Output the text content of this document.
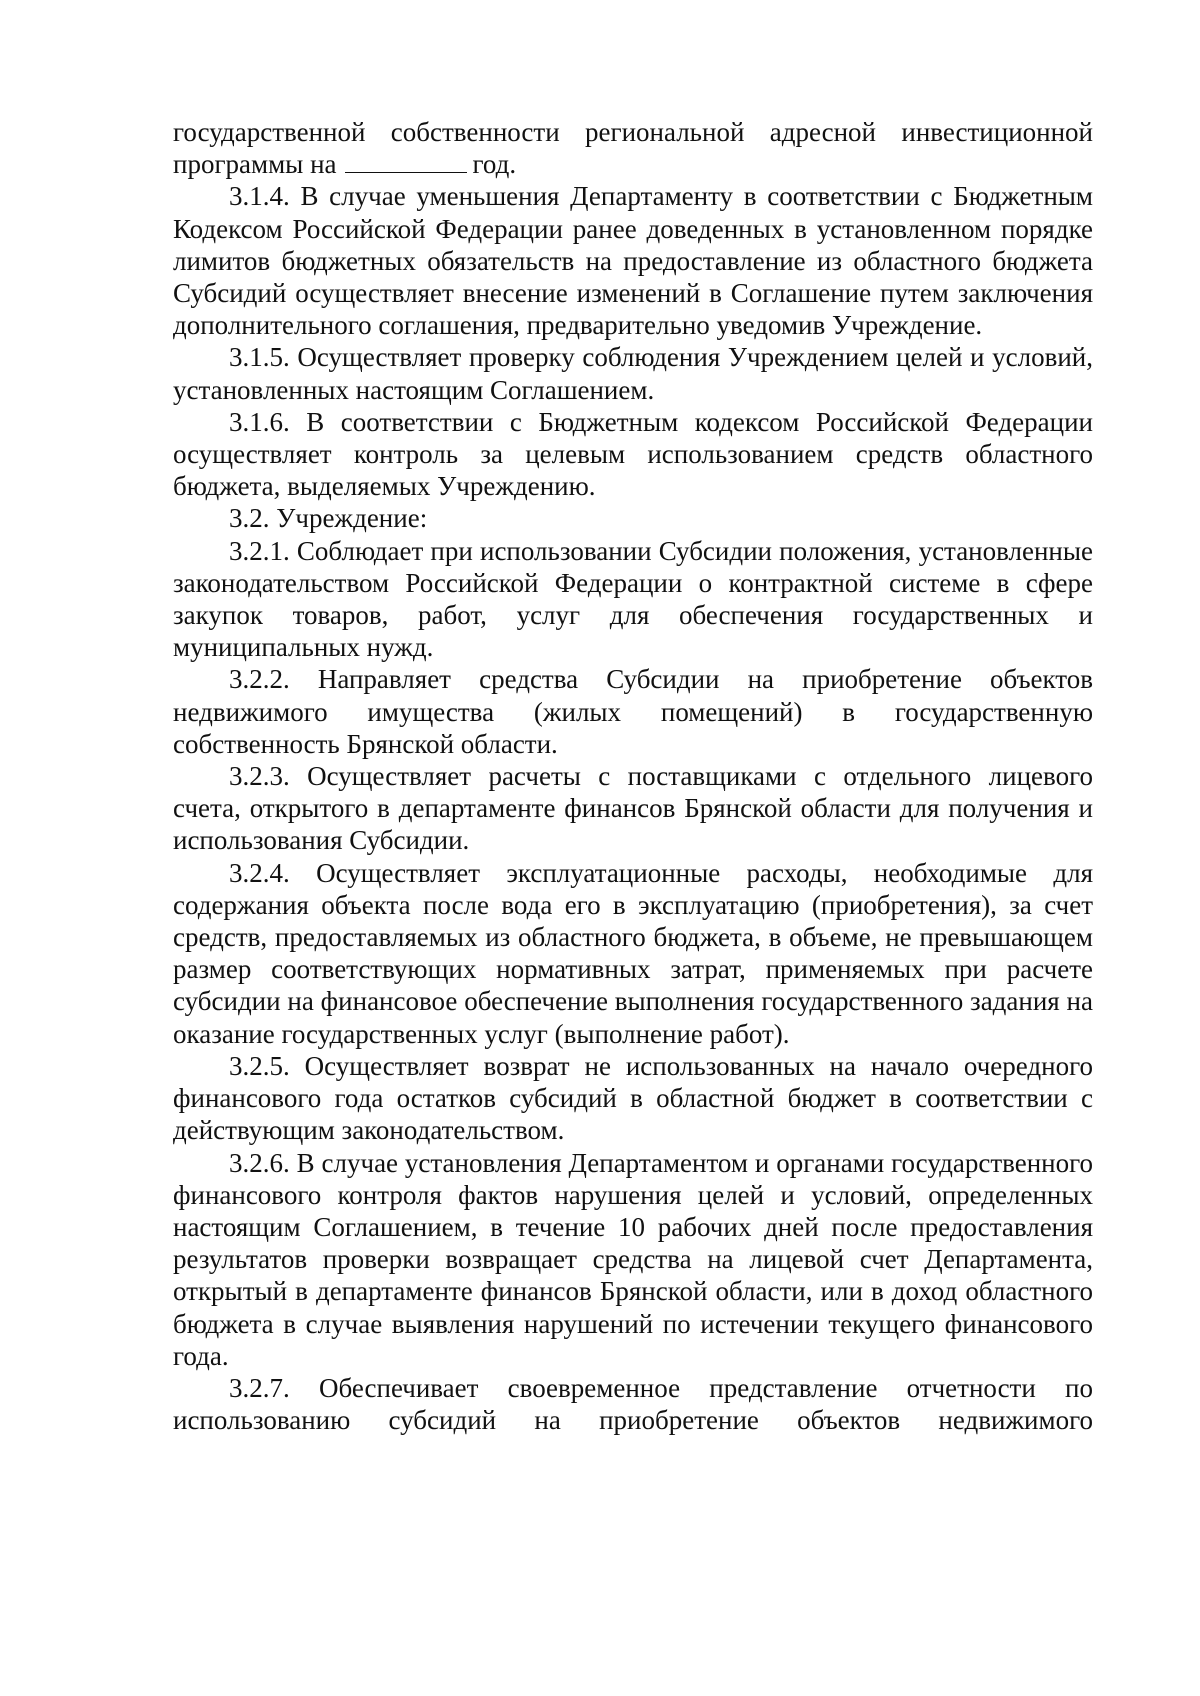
государственной собственности региональной адресной инвестиционной программы на	год.

3.1.4. В случае уменьшения Департаменту в соответствии с Бюджетным Кодексом Российской Федерации ранее доведенных в установленном порядке лимитов бюджетных обязательств на предоставление из областного бюджета Субсидий осуществляет внесение изменений в Соглашение путем заключения дополнительного соглашения, предварительно уведомив Учреждение.

3.1.5. Осуществляет проверку соблюдения Учреждением целей и условий, установленных настоящим Соглашением.

3.1.6. В соответствии с Бюджетным кодексом Российской Федерации осуществляет контроль за целевым использованием средств областного бюджета, выделяемых Учреждению.

3.2. Учреждение:

3.2.1. Соблюдает при использовании Субсидии положения, установленные законодательством Российской Федерации о контрактной системе в сфере закупок товаров, работ, услуг для обеспечения государственных и муниципальных нужд.

3.2.2. Направляет средства Субсидии на приобретение объектов недвижимого имущества (жилых помещений) в государственную собственность Брянской области.

3.2.3. Осуществляет расчеты с поставщиками с отдельного лицевого счета, открытого в департаменте финансов Брянской области для получения и использования Субсидии.

3.2.4. Осуществляет эксплуатационные расходы, необходимые для содержания объекта после вода его в эксплуатацию (приобретения), за счет средств, предоставляемых из областного бюджета, в объеме, не превышающем размер соответствующих нормативных затрат, применяемых при расчете субсидии на финансовое обеспечение выполнения государственного задания на оказание государственных услуг (выполнение работ).

3.2.5. Осуществляет возврат не использованных на начало очередного финансового года остатков субсидий в областной бюджет в соответствии с действующим законодательством.

3.2.6. В случае установления Департаментом и органами государственного финансового контроля фактов нарушения целей и условий, определенных настоящим Соглашением, в течение 10 рабочих дней после предоставления результатов проверки возвращает средства на лицевой счет Департамента, открытый в департаменте финансов Брянской области, или в доход областного бюджета в случае выявления нарушений по истечении текущего финансового года.

3.2.7. Обеспечивает своевременное представление отчетности по использованию субсидий на приобретение объектов недвижимого
